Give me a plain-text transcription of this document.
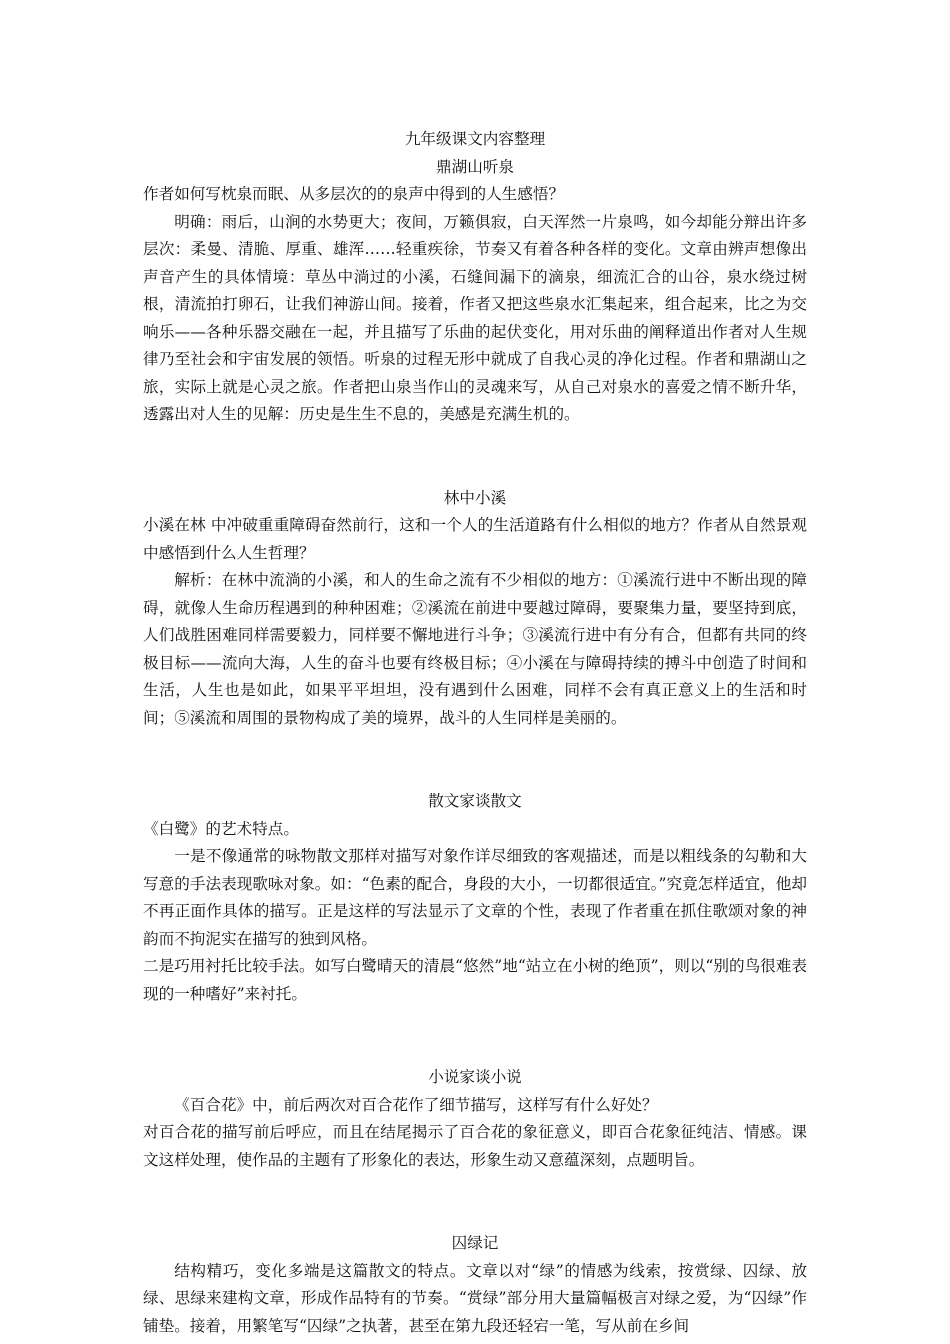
九年级课文内容整理
鼎湖山听泉

作者如何写枕泉而眠、从多层次的的泉声中得到的人生感悟？

明确：雨后，山涧的水势更大；夜间，万籁俱寂，白天浑然一片泉鸣，如今却能分辩出许多层次：柔曼、清脆、厚重、雄浑……轻重疾徐，节奏又有着各种各样的变化。文章由辨声想像出声音产生的具体情境：草丛中淌过的小溪，石缝间漏下的滴泉，细流汇合的山谷，泉水绕过树根，清流拍打卵石，让我们神游山间。接着，作者又把这些泉水汇集起来，组合起来，比之为交响乐——各种乐器交融在一起，并且描写了乐曲的起伏变化，用对乐曲的阐释道出作者对人生规律乃至社会和宇宙发展的领悟。听泉的过程无形中就成了自我心灵的净化过程。作者和鼎湖山之旅，实际上就是心灵之旅。作者把山泉当作山的灵魂来写，从自己对泉水的喜爱之情不断升华，透露出对人生的见解：历史是生生不息的，美感是充满生机的。

林中小溪

小溪在林 中冲破重重障碍奋然前行，这和一个人的生活道路有什么相似的地方？作者从自然景观中感悟到什么人生哲理？

解析：在林中流淌的小溪，和人的生命之流有不少相似的地方：①溪流行进中不断出现的障碍，就像人生命历程遇到的种种困难；②溪流在前进中要越过障碍，要聚集力量，要坚持到底，人们战胜困难同样需要毅力，同样要不懈地进行斗争；③溪流行进中有分有合，但都有共同的终极目标——流向大海，人生的奋斗也要有终极目标；④小溪在与障碍持续的搏斗中创造了时间和生活，人生也是如此，如果平平坦坦，没有遇到什么困难，同样不会有真正意义上的生活和时间；⑤溪流和周围的景物构成了美的境界，战斗的人生同样是美丽的。

散文家谈散文

《白鹭》的艺术特点。

一是不像通常的咏物散文那样对描写对象作详尽细致的客观描述，而是以粗线条的勾勒和大写意的手法表现歌咏对象。如：“色素的配合，身段的大小，一切都很适宜。”究竟怎样适宜，他却不再正面作具体的描写。正是这样的写法显示了文章的个性，表现了作者重在抓住歌颂对象的神韵而不拘泥实在描写的独到风格。

二是巧用衬托比较手法。如写白鹭晴天的清晨“悠然”地“站立在小树的绝顶”，则以“别的鸟很难表现的一种嗜好”来衬托。

小说家谈小说

《百合花》中，前后两次对百合花作了细节描写，这样写有什么好处？

对百合花的描写前后呼应，而且在结尾揭示了百合花的象征意义，即百合花象征纯洁、情感。课文这样处理，使作品的主题有了形象化的表达，形象生动又意蕴深刻，点题明旨。

囚绿记

结构精巧，变化多端是这篇散文的特点。文章以对“绿”的情感为线索，按赏绿、囚绿、放绿、思绿来建构文章，形成作品特有的节奏。“赏绿”部分用大量篇幅极言对绿之爱，为“囚绿”作铺垫。接着，用繁笔写“囚绿”之执著，甚至在第九段还轻宕一笔，写从前在乡间
